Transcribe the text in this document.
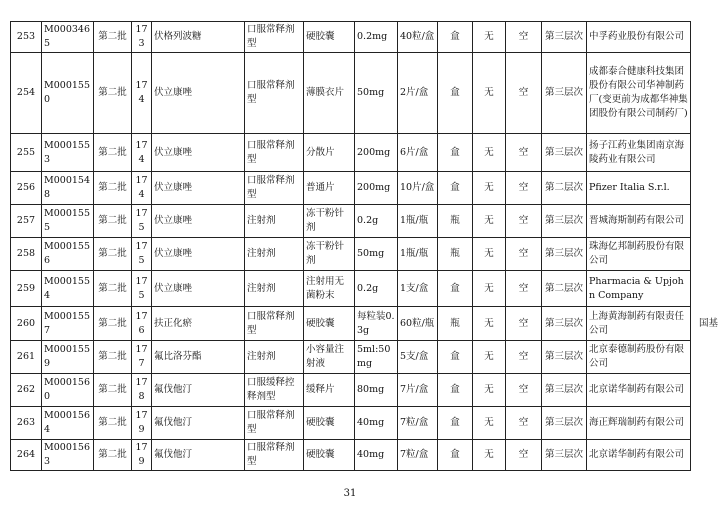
253	M0003465	第二批	173	伏格列波糖	口服常释剂型	硬胶囊	0.2mg	40粒/盒	盒	无	空	第三层次	中孚药业股份有限公司	
254	M0001550	第二批	174	伏立康唑	口服常释剂型	薄膜衣片	50mg	2片/盒	盒	无	空	第三层次	成都泰合健康科技集团股份有限公司华神制药厂(变更前为成都华神集团股份有限公司制药厂)	
255	M0001553	第二批	174	伏立康唑	口服常释剂型	分散片	200mg	6片/盒	盒	无	空	第三层次	扬子江药业集团南京海陵药业有限公司	
256	M0001548	第二批	174	伏立康唑	口服常释剂型	普通片	200mg	10片/盒	盒	无	空	第二层次	Pfizer Italia S.r.l.	
257	M0001555	第二批	175	伏立康唑	注射剂	冻干粉针剂	0.2g	1瓶/瓶	瓶	无	空	第三层次	晋城海斯制药有限公司	
258	M0001556	第二批	175	伏立康唑	注射剂	冻干粉针剂	50mg	1瓶/瓶	瓶	无	空	第三层次	珠海亿邦制药股份有限公司	
259	M0001554	第二批	175	伏立康唑	注射剂	注射用无菌粉末	0.2g	1支/盒	盒	无	空	第二层次	Pharmacia & Upjohn Company	
260	M0001557	第二批	176	扶正化瘀	口服常释剂型	硬胶囊	每粒装0.3g	60粒/瓶	瓶	无	空	第三层次	上海黄海制药有限责任公司	国基
261	M0001559	第二批	177	氟比洛芬酯	注射剂	小容量注射液	5ml:50mg	5支/盒	盒	无	空	第三层次	北京泰德制药股份有限公司	
262	M0001560	第二批	178	氟伐他汀	口服缓释控释剂型	缓释片	80mg	7片/盒	盒	无	空	第三层次	北京诺华制药有限公司	
263	M0001564	第二批	179	氟伐他汀	口服常释剂型	硬胶囊	40mg	7粒/盒	盒	无	空	第三层次	海正辉瑞制药有限公司	
264	M0001563	第二批	179	氟伐他汀	口服常释剂型	硬胶囊	40mg	7粒/盒	盒	无	空	第三层次	北京诺华制药有限公司	
31
